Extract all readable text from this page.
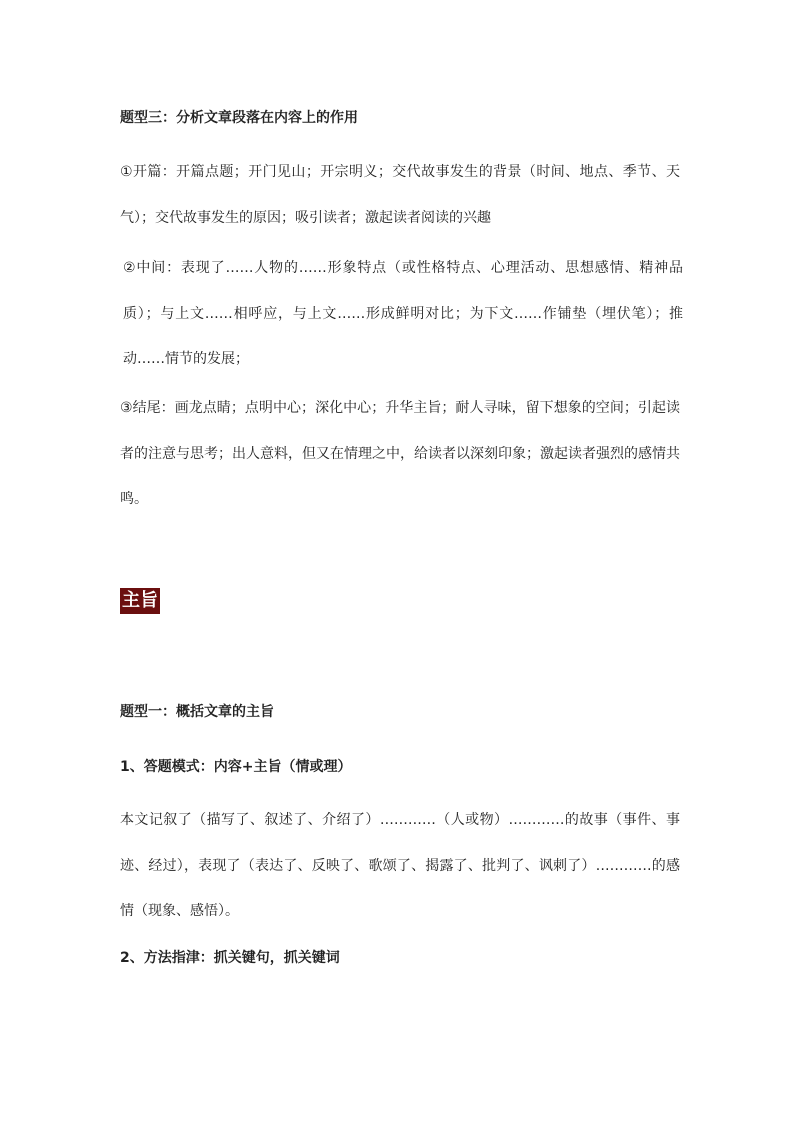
题型三：分析文章段落在内容上的作用

①开篇：开篇点题；开门见山；开宗明义；交代故事发生的背景（时间、地点、季节、天气）；交代故事发生的原因；吸引读者；激起读者阅读的兴趣

②中间：表现了……人物的……形象特点（或性格特点、心理活动、思想感情、精神品质）；与上文……相呼应，与上文……形成鲜明对比；为下文……作铺垫（埋伏笔）；推动……情节的发展；

③结尾：画龙点睛；点明中心；深化中心；升华主旨；耐人寻味，留下想象的空间；引起读者的注意与思考；出人意料，但又在情理之中，给读者以深刻印象；激起读者强烈的感情共鸣。

主旨
题型一：概括文章的主旨
1、答题模式：内容+主旨（情或理）

本文记叙了（描写了、叙述了、介绍了）…………（人或物）…………的故事（事件、事迹、经过），表现了（表达了、反映了、歌颂了、揭露了、批判了、讽刺了）…………的感情（现象、感悟）。

2、方法指津：抓关键句，抓关键词
